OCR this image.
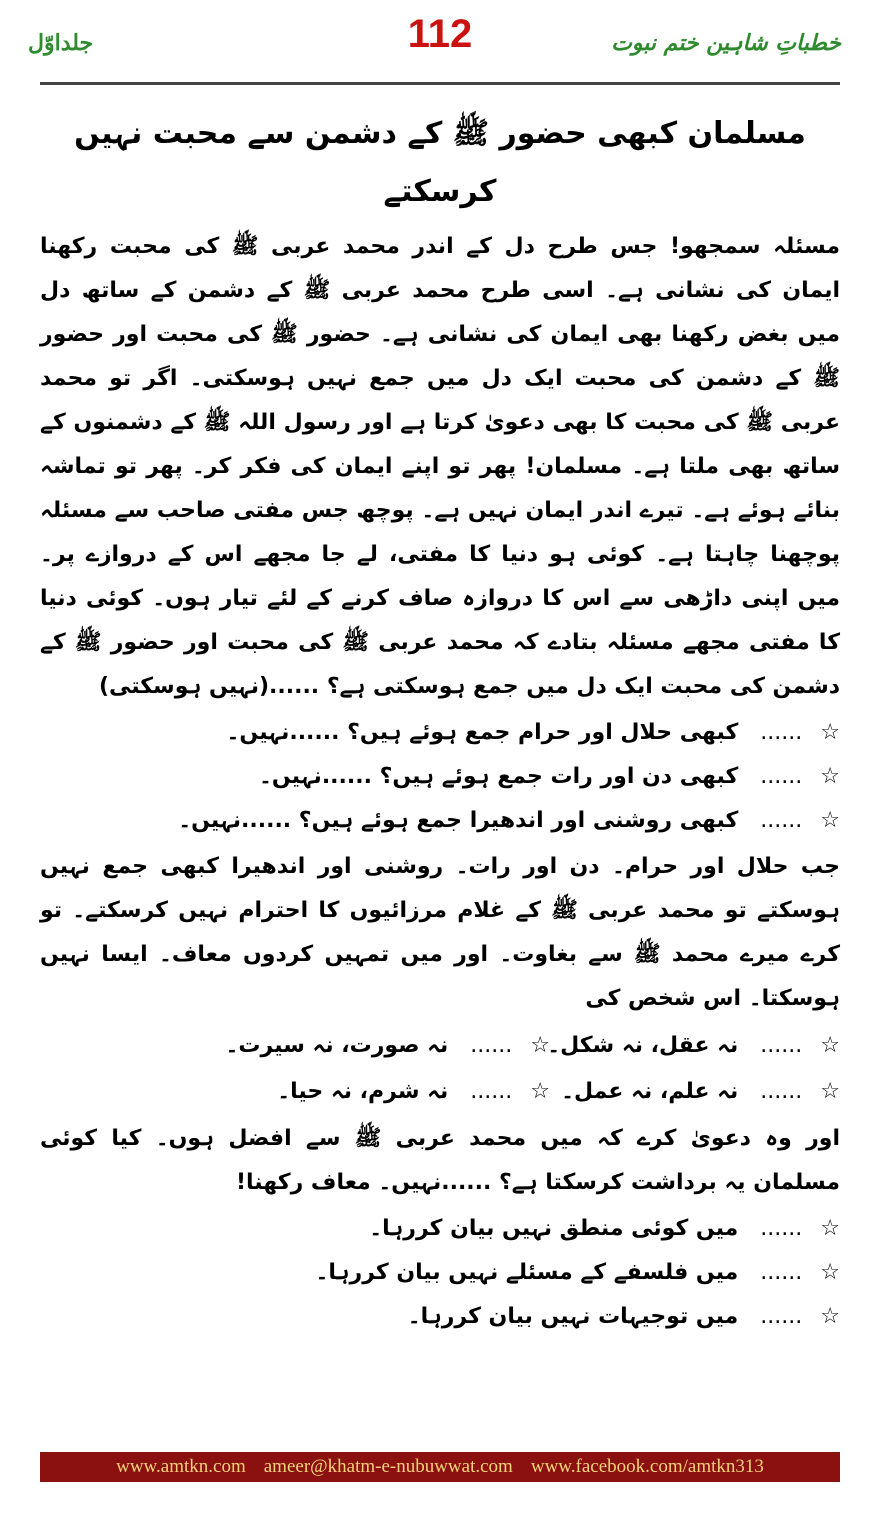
خطباتِ شاہین ختم نبوت
112
جلداوّل
مسلمان کبھی حضور ﷺ کے دشمن سے محبت نہیں کرسکتے

مسئلہ سمجھو! جس طرح دل کے اندر محمد عربی ﷺ کی محبت رکھنا ایمان کی نشانی ہے۔ اسی طرح محمد عربی ﷺ کے دشمن کے ساتھ دل میں بغض رکھنا بھی ایمان کی نشانی ہے۔ حضور ﷺ کی محبت اور حضور ﷺ کے دشمن کی محبت ایک دل میں جمع نہیں ہوسکتی۔ اگر تو محمد عربی ﷺ کی محبت کا بھی دعویٰ کرتا ہے اور رسول اللہ ﷺ کے دشمنوں کے ساتھ بھی ملتا ہے۔ مسلمان! پھر تو اپنے ایمان کی فکر کر۔ پھر تو تماشہ بنائے ہوئے ہے۔ تیرے اندر ایمان نہیں ہے۔ پوچھ جس مفتی صاحب سے مسئلہ پوچھنا چاہتا ہے۔ کوئی ہو دنیا کا مفتی، لے جا مجھے اس کے دروازے پر۔ میں اپنی داڑھی سے اس کا دروازہ صاف کرنے کے لئے تیار ہوں۔ کوئی دنیا کا مفتی مجھے مسئلہ بتادے کہ محمد عربی ﷺ کی محبت اور حضور ﷺ کے دشمن کی محبت ایک دل میں جمع ہوسکتی ہے؟ ......(نہیں ہوسکتی)

☆......کبھی حلال اور حرام جمع ہوئے ہیں؟ ......نہیں۔
☆......کبھی دن اور رات جمع ہوئے ہیں؟ ......نہیں۔
☆......کبھی روشنی اور اندھیرا جمع ہوئے ہیں؟ ......نہیں۔

جب حلال اور حرام۔ دن اور رات۔ روشنی اور اندھیرا کبھی جمع نہیں ہوسکتے تو محمد عربی ﷺ کے غلام مرزائیوں کا احترام نہیں کرسکتے۔ تو کرے میرے محمد ﷺ سے بغاوت۔ اور میں تمہیں کردوں معاف۔ ایسا نہیں ہوسکتا۔ اس شخص کی

☆......نہ عقل، نہ شکل۔
☆......نہ صورت، نہ سیرت۔
☆......نہ علم، نہ عمل۔
☆......نہ شرم، نہ حیا۔

اور وہ دعویٰ کرے کہ میں محمد عربی ﷺ سے افضل ہوں۔ کیا کوئی مسلمان یہ برداشت کرسکتا ہے؟ ......نہیں۔ معاف رکھنا!

☆......میں کوئی منطق نہیں بیان کررہا۔
☆......میں فلسفے کے مسئلے نہیں بیان کررہا۔
☆......میں توجیہات نہیں بیان کررہا۔
www.amtkn.com ameer@khatm-e-nubuwwat.com www.facebook.com/amtkn313
